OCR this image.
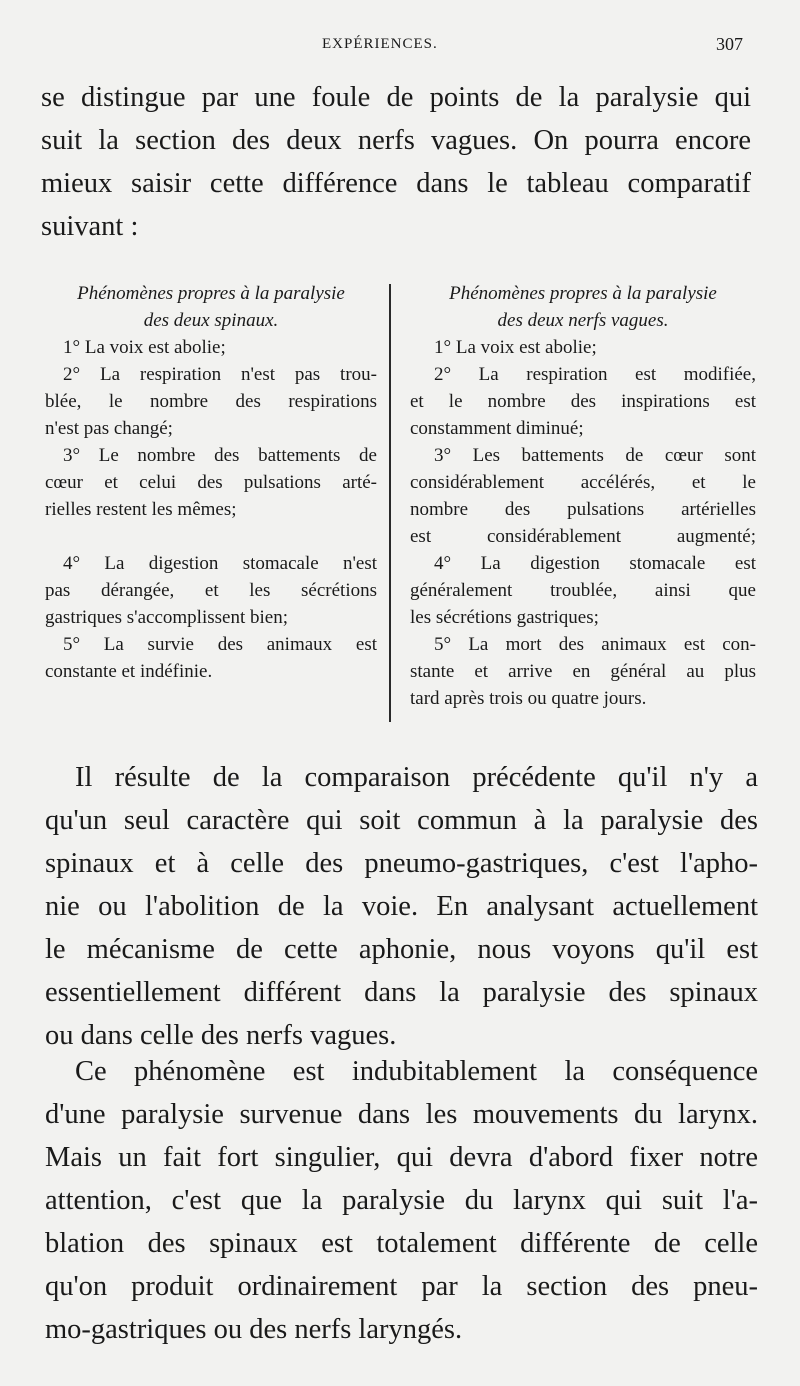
EXPÉRIENCES.	307

se distingue par une foule de points de la paralysie qui
suit la section des deux nerfs vagues. On pourra encore
mieux saisir cette différence dans le tableau comparatif
suivant :

Phénomènes propres à la paralysie
des deux spinaux.
1° La voix est abolie;
2° La respiration n'est pas trou-
blée, le nombre des respirations
n'est pas changé;
3° Le nombre des battements de
cœur et celui des pulsations arté-
rielles restent les mêmes;
4° La digestion stomacale n'est
pas dérangée, et les sécrétions
gastriques s'accomplissent bien;
5° La survie des animaux est
constante et indéfinie.
Phénomènes propres à la paralysie
des deux nerfs vagues.
1° La voix est abolie;
2° La respiration est modifiée,
et le nombre des inspirations est
constamment diminué;
3° Les battements de cœur sont
considérablement accélérés, et le
nombre des pulsations artérielles
est considérablement augmenté;
4° La digestion stomacale est
généralement troublée, ainsi que
les sécrétions gastriques;
5° La mort des animaux est con-
stante et arrive en général au plus
tard après trois ou quatre jours.

Il résulte de la comparaison précédente qu'il n'y a
qu'un seul caractère qui soit commun à la paralysie des
spinaux et à celle des pneumo-gastriques, c'est l'apho-
nie ou l'abolition de la voie. En analysant actuellement
le mécanisme de cette aphonie, nous voyons qu'il est
essentiellement différent dans la paralysie des spinaux
ou dans celle des nerfs vagues.

Ce phénomène est indubitablement la conséquence
d'une paralysie survenue dans les mouvements du larynx.
Mais un fait fort singulier, qui devra d'abord fixer notre
attention, c'est que la paralysie du larynx qui suit l'a-
blation des spinaux est totalement différente de celle
qu'on produit ordinairement par la section des pneu-
mo-gastriques ou des nerfs laryngés.
